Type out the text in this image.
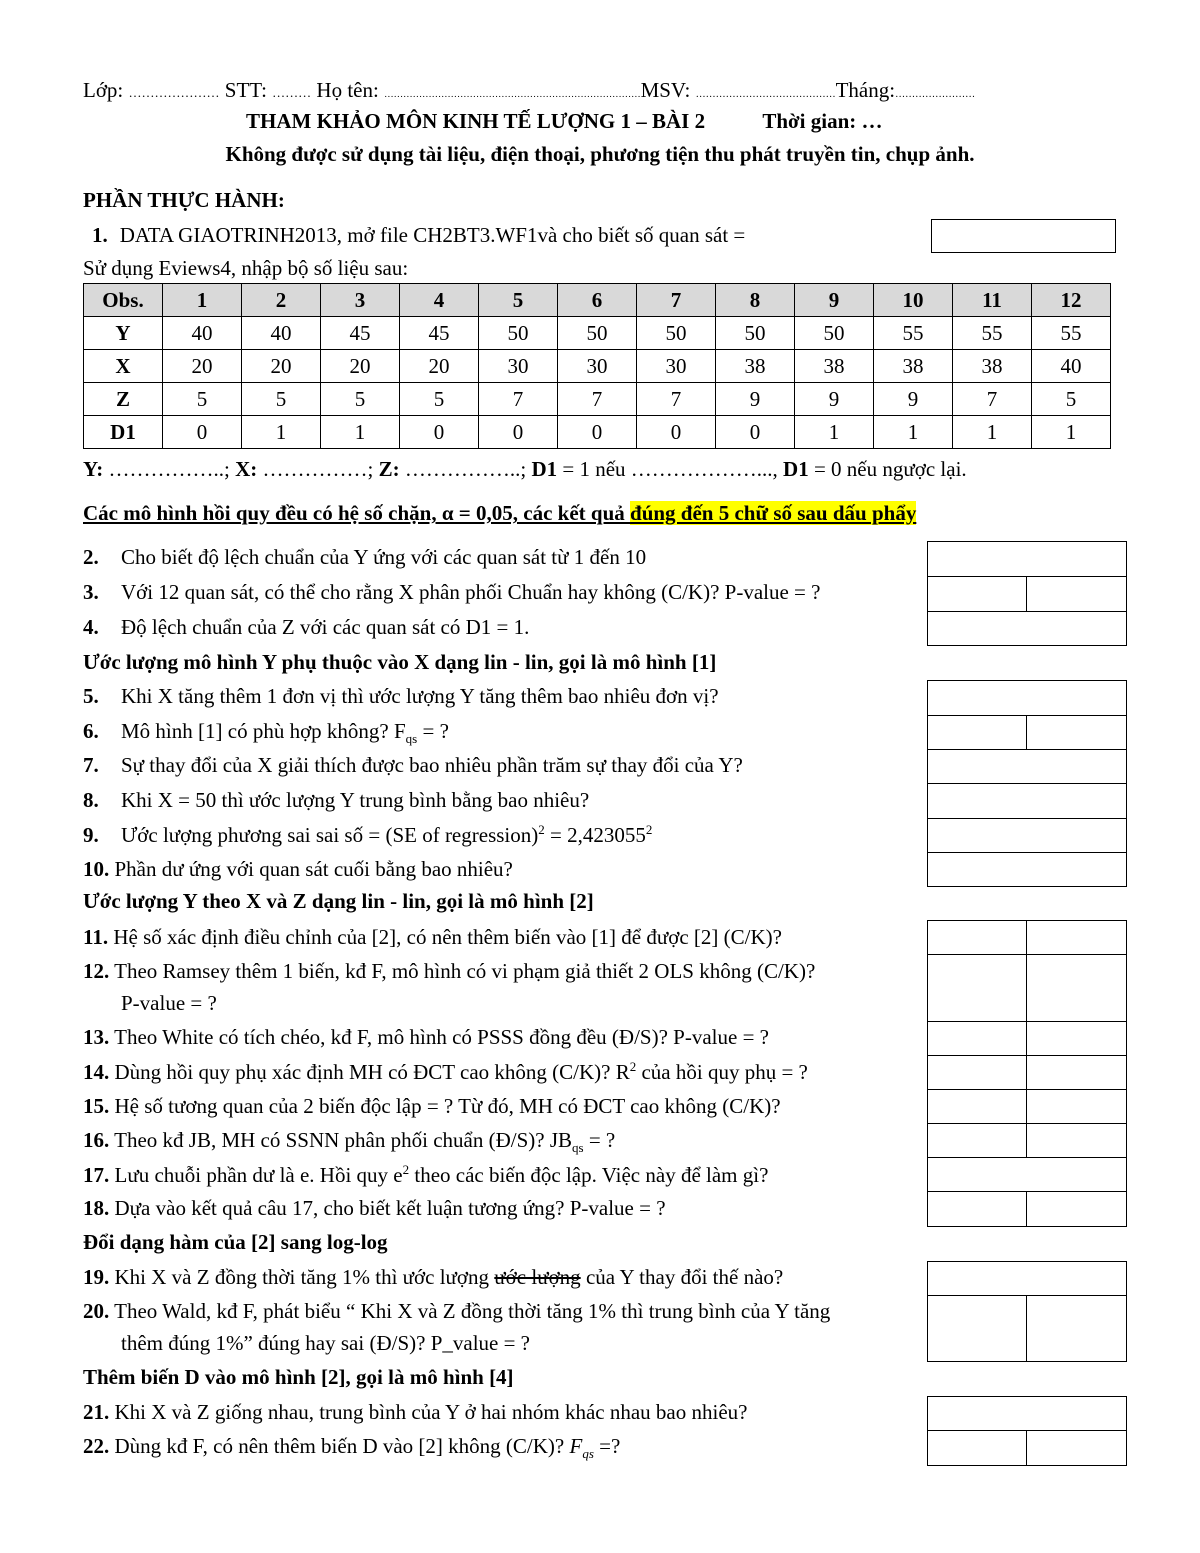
Lớp: ………………… STT: ……… Họ tên: ………………………………………………………………………MSV: ……………………………………Tháng:……………………
THAM KHẢO MÔN KINH TẾ LƯỢNG 1 – BÀI 2	Thời gian: …
Không được sử dụng tài liệu, điện thoại, phương tiện thu phát truyền tin, chụp ảnh.
PHẦN THỰC HÀNH:
1. DATA GIAOTRINH2013, mở file CH2BT3.WF1và cho biết số quan sát =
Sử dụng Eviews4, nhập bộ số liệu sau:
Obs.	1	2	3	4	5	6	7	8	9	10	11	12
Y	40	40	45	45	50	50	50	50	50	55	55	55
X	20	20	20	20	30	30	30	38	38	38	38	40
Z	5	5	5	5	7	7	7	9	9	9	7	5
D1	0	1	1	0	0	0	0	0	1	1	1	1
Y: ……………..; X: ……………; Z: ……………..; D1 = 1 nếu ………………..., D1 = 0 nếu ngược lại.
Các mô hình hồi quy đều có hệ số chặn, α = 0,05, các kết quả đúng đến 5 chữ số sau dấu phẩy
2. Cho biết độ lệch chuẩn của Y ứng với các quan sát từ 1 đến 10
3. Với 12 quan sát, có thể cho rằng X phân phối Chuẩn hay không (C/K)? P-value = ?
4. Độ lệch chuẩn của Z với các quan sát có D1 = 1.
Ước lượng mô hình Y phụ thuộc vào X dạng lin - lin, gọi là mô hình [1]
5. Khi X tăng thêm 1 đơn vị thì ước lượng Y tăng thêm bao nhiêu đơn vị?
6. Mô hình [1] có phù hợp không? $F_{qs}$ = ?
7. Sự thay đổi của X giải thích được bao nhiêu phần trăm sự thay đổi của Y?
8. Khi X = 50 thì ước lượng Y trung bình bằng bao nhiêu?
9. Ước lượng phương sai sai số = (SE of regression)$^2$ = $2,423055^2$
10. Phần dư ứng với quan sát cuối bằng bao nhiêu?
Ước lượng Y theo X và Z dạng lin - lin, gọi là mô hình [2]
11. Hệ số xác định điều chỉnh của [2], có nên thêm biến vào [1] để được [2] (C/K)?
12. Theo Ramsey thêm 1 biến, kđ F, mô hình có vi phạm giả thiết 2 OLS không (C/K)?
P-value = ?
13. Theo White có tích chéo, kđ F, mô hình có PSSS đồng đều (Đ/S)? P-value = ?
14. Dùng hồi quy phụ xác định MH có ĐCT cao không (C/K)? $R^2$ của hồi quy phụ = ?
15. Hệ số tương quan của 2 biến độc lập = ? Từ đó, MH có ĐCT cao không (C/K)?
16. Theo kđ JB, MH có SSNN phân phối chuẩn (Đ/S)? $JB_{qs}$ = ?
17. Lưu chuỗi phần dư là e. Hồi quy $e^2$ theo các biến độc lập. Việc này để làm gì?
18. Dựa vào kết quả câu 17, cho biết kết luận tương ứng? P-value = ?
Đổi dạng hàm của [2] sang log-log
19. Khi X và Z đồng thời tăng 1% thì ước lượng ước lượng của Y thay đổi thế nào?
20. Theo Wald, kđ F, phát biểu “ Khi X và Z đồng thời tăng 1% thì trung bình của Y tăng
thêm đúng 1%” đúng hay sai (Đ/S)? P_value = ?
Thêm biến D vào mô hình [2], gọi là mô hình [4]
21. Khi X và Z giống nhau, trung bình của Y ở hai nhóm khác nhau bao nhiêu?
22. Dùng kđ F, có nên thêm biến D vào [2] không (C/K)? $F_{qs}$ =?
